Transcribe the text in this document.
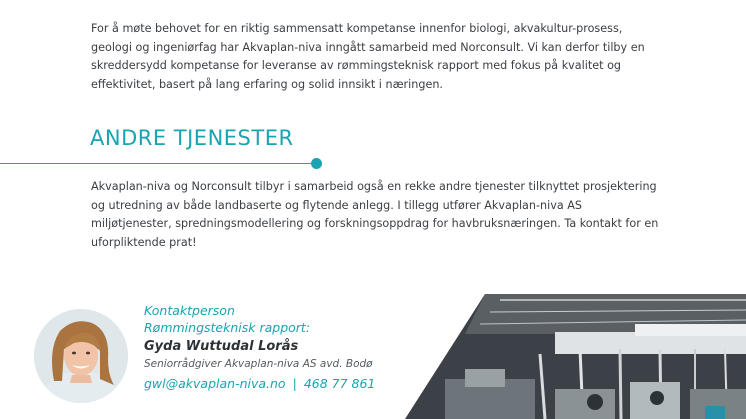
For å møte behovet for en riktig sammensatt kompetanse innenfor biologi, akvakultur-prosess, geologi og ingeniørfag har Akvaplan-niva inngått samarbeid med Norconsult. Vi kan derfor tilby en skreddersydd kompetanse for leveranse av rømmingsteknisk rapport med fokus på kvalitet og effektivitet, basert på lang erfaring og solid innsikt i næringen.

ANDRE TJENESTER

Akvaplan-niva og Norconsult tilbyr i samarbeid også en rekke andre tjenester tilknyttet prosjektering og utredning av både landbaserte og flytende anlegg. I tillegg utfører Akvaplan-niva AS miljøtjenester, spredningsmodellering og forskningsoppdrag for havbruksnæringen. Ta kontakt for en uforpliktende prat!

Kontaktperson
Rømmingsteknisk rapport:
Gyda Wuttudal Lorås
Seniorrådgiver Akvaplan-niva AS avd. Bodø
gwl@akvaplan-niva.no | 468 77 861
